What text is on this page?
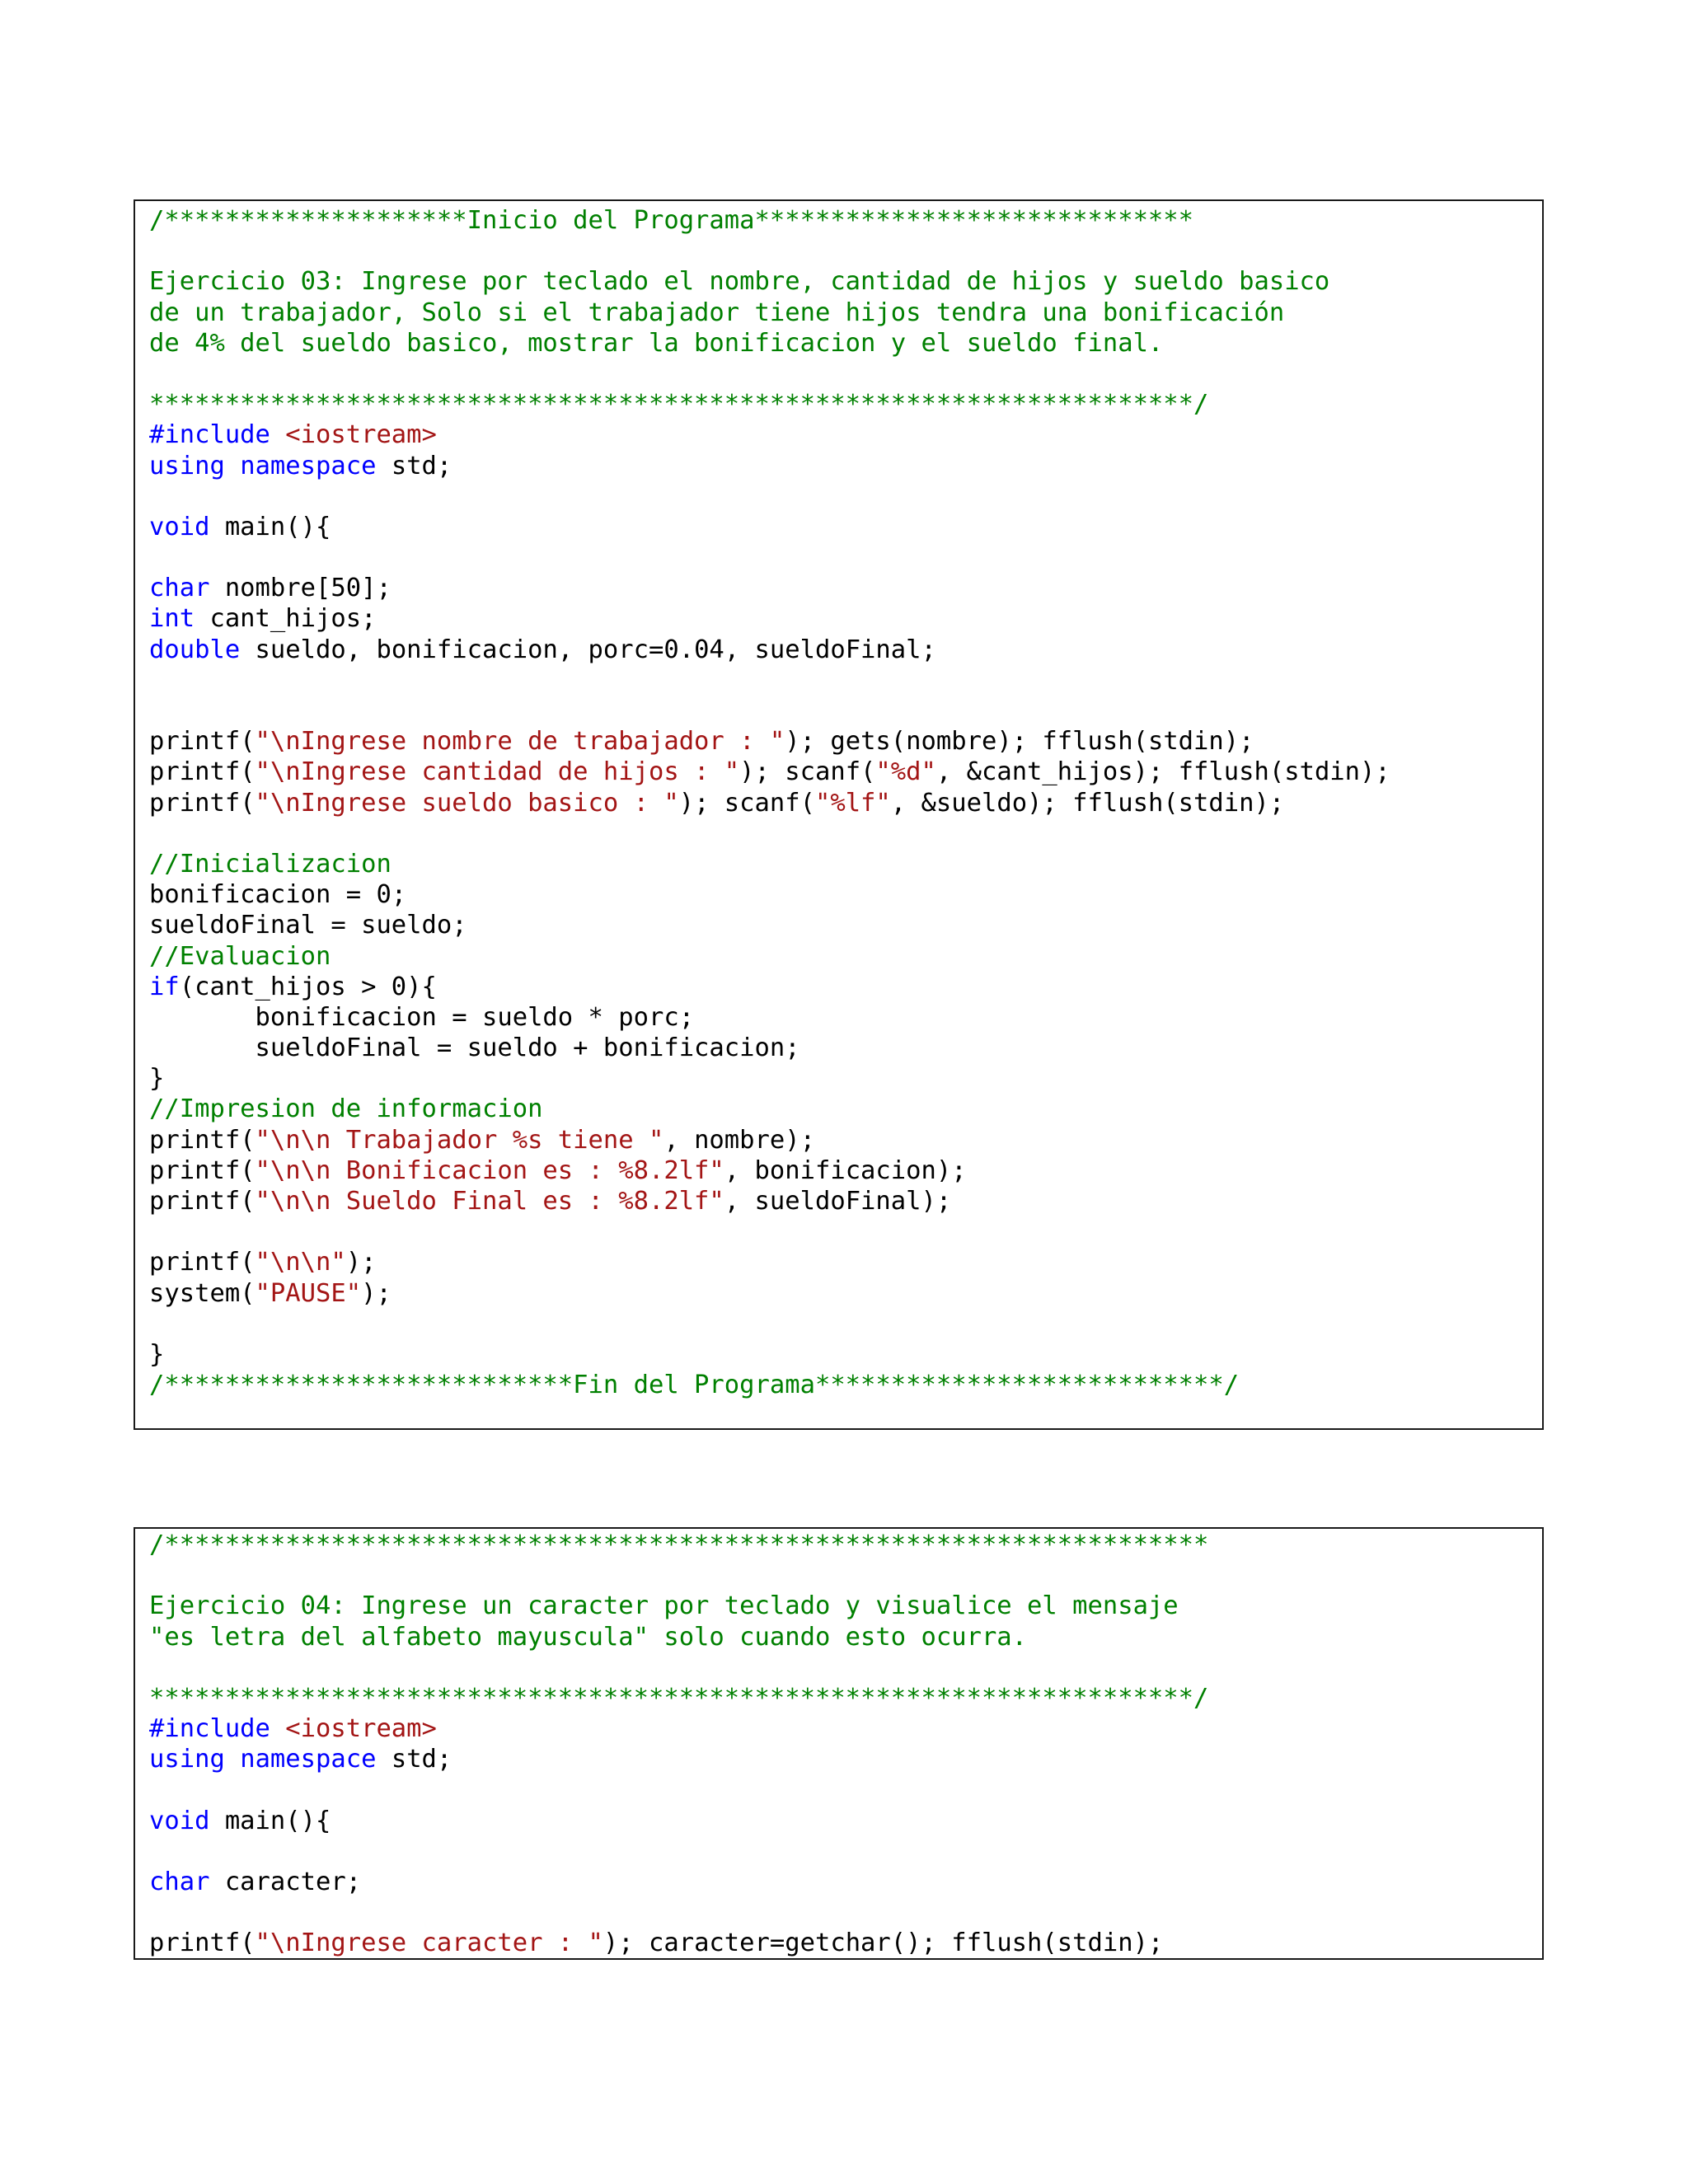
/********************Inicio del Programa*****************************

Ejercicio 03: Ingrese por teclado el nombre, cantidad de hijos y sueldo basico
de un trabajador, Solo si el trabajador tiene hijos tendra una bonificación
de 4% del sueldo basico, mostrar la bonificacion y el sueldo final.

*********************************************************************/
#include <iostream>
using namespace std;

void main(){

char nombre[50];
int cant_hijos;
double sueldo, bonificacion, porc=0.04, sueldoFinal;

printf("\nIngrese nombre de trabajador : "); gets(nombre); fflush(stdin);
printf("\nIngrese cantidad de hijos : "); scanf("%d", &cant_hijos); fflush(stdin);
printf("\nIngrese sueldo basico : "); scanf("%lf", &sueldo); fflush(stdin);

//Inicializacion
bonificacion = 0;
sueldoFinal = sueldo;
//Evaluacion
if(cant_hijos > 0){
bonificacion = sueldo * porc;
sueldoFinal = sueldo + bonificacion;
}
//Impresion de informacion
printf("\n\n Trabajador %s tiene ", nombre);
printf("\n\n Bonificacion es : %8.2lf", bonificacion);
printf("\n\n Sueldo Final es : %8.2lf", sueldoFinal);

printf("\n\n");
system("PAUSE");

}
/***************************Fin del Programa***************************/
/*********************************************************************

Ejercicio 04: Ingrese un caracter por teclado y visualice el mensaje
"es letra del alfabeto mayuscula" solo cuando esto ocurra.

*********************************************************************/
#include <iostream>
using namespace std;

void main(){

char caracter;

printf("\nIngrese caracter : "); caracter=getchar(); fflush(stdin);
